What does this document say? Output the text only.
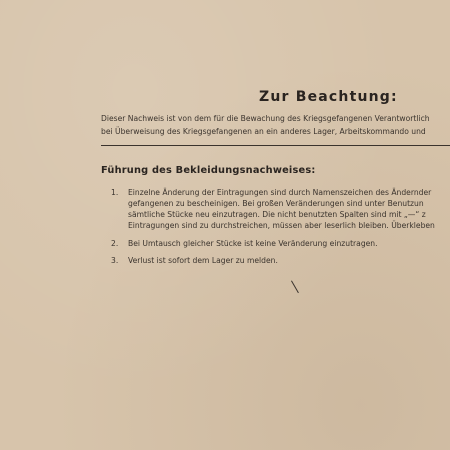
Zur Beachtung:
Dieser Nachweis ist von dem für die Bewachung des Kriegsgefangenen Verantwortlich
bei Überweisung des Kriegsgefangenen an ein anderes Lager, Arbeitskommando und
Führung des Bekleidungsnachweises:
1. Einzelne Änderung der Eintragungen sind durch Namenszeichen des Ändernder
gefangenen zu bescheinigen. Bei großen Veränderungen sind unter Benutzun
sämtliche Stücke neu einzutragen. Die nicht benutzten Spalten sind mit „—“ z
Eintragungen sind zu durchstreichen, müssen aber leserlich bleiben. Überkleben
2. Bei Umtausch gleicher Stücke ist keine Veränderung einzutragen.
3. Verlust ist sofort dem Lager zu melden.
